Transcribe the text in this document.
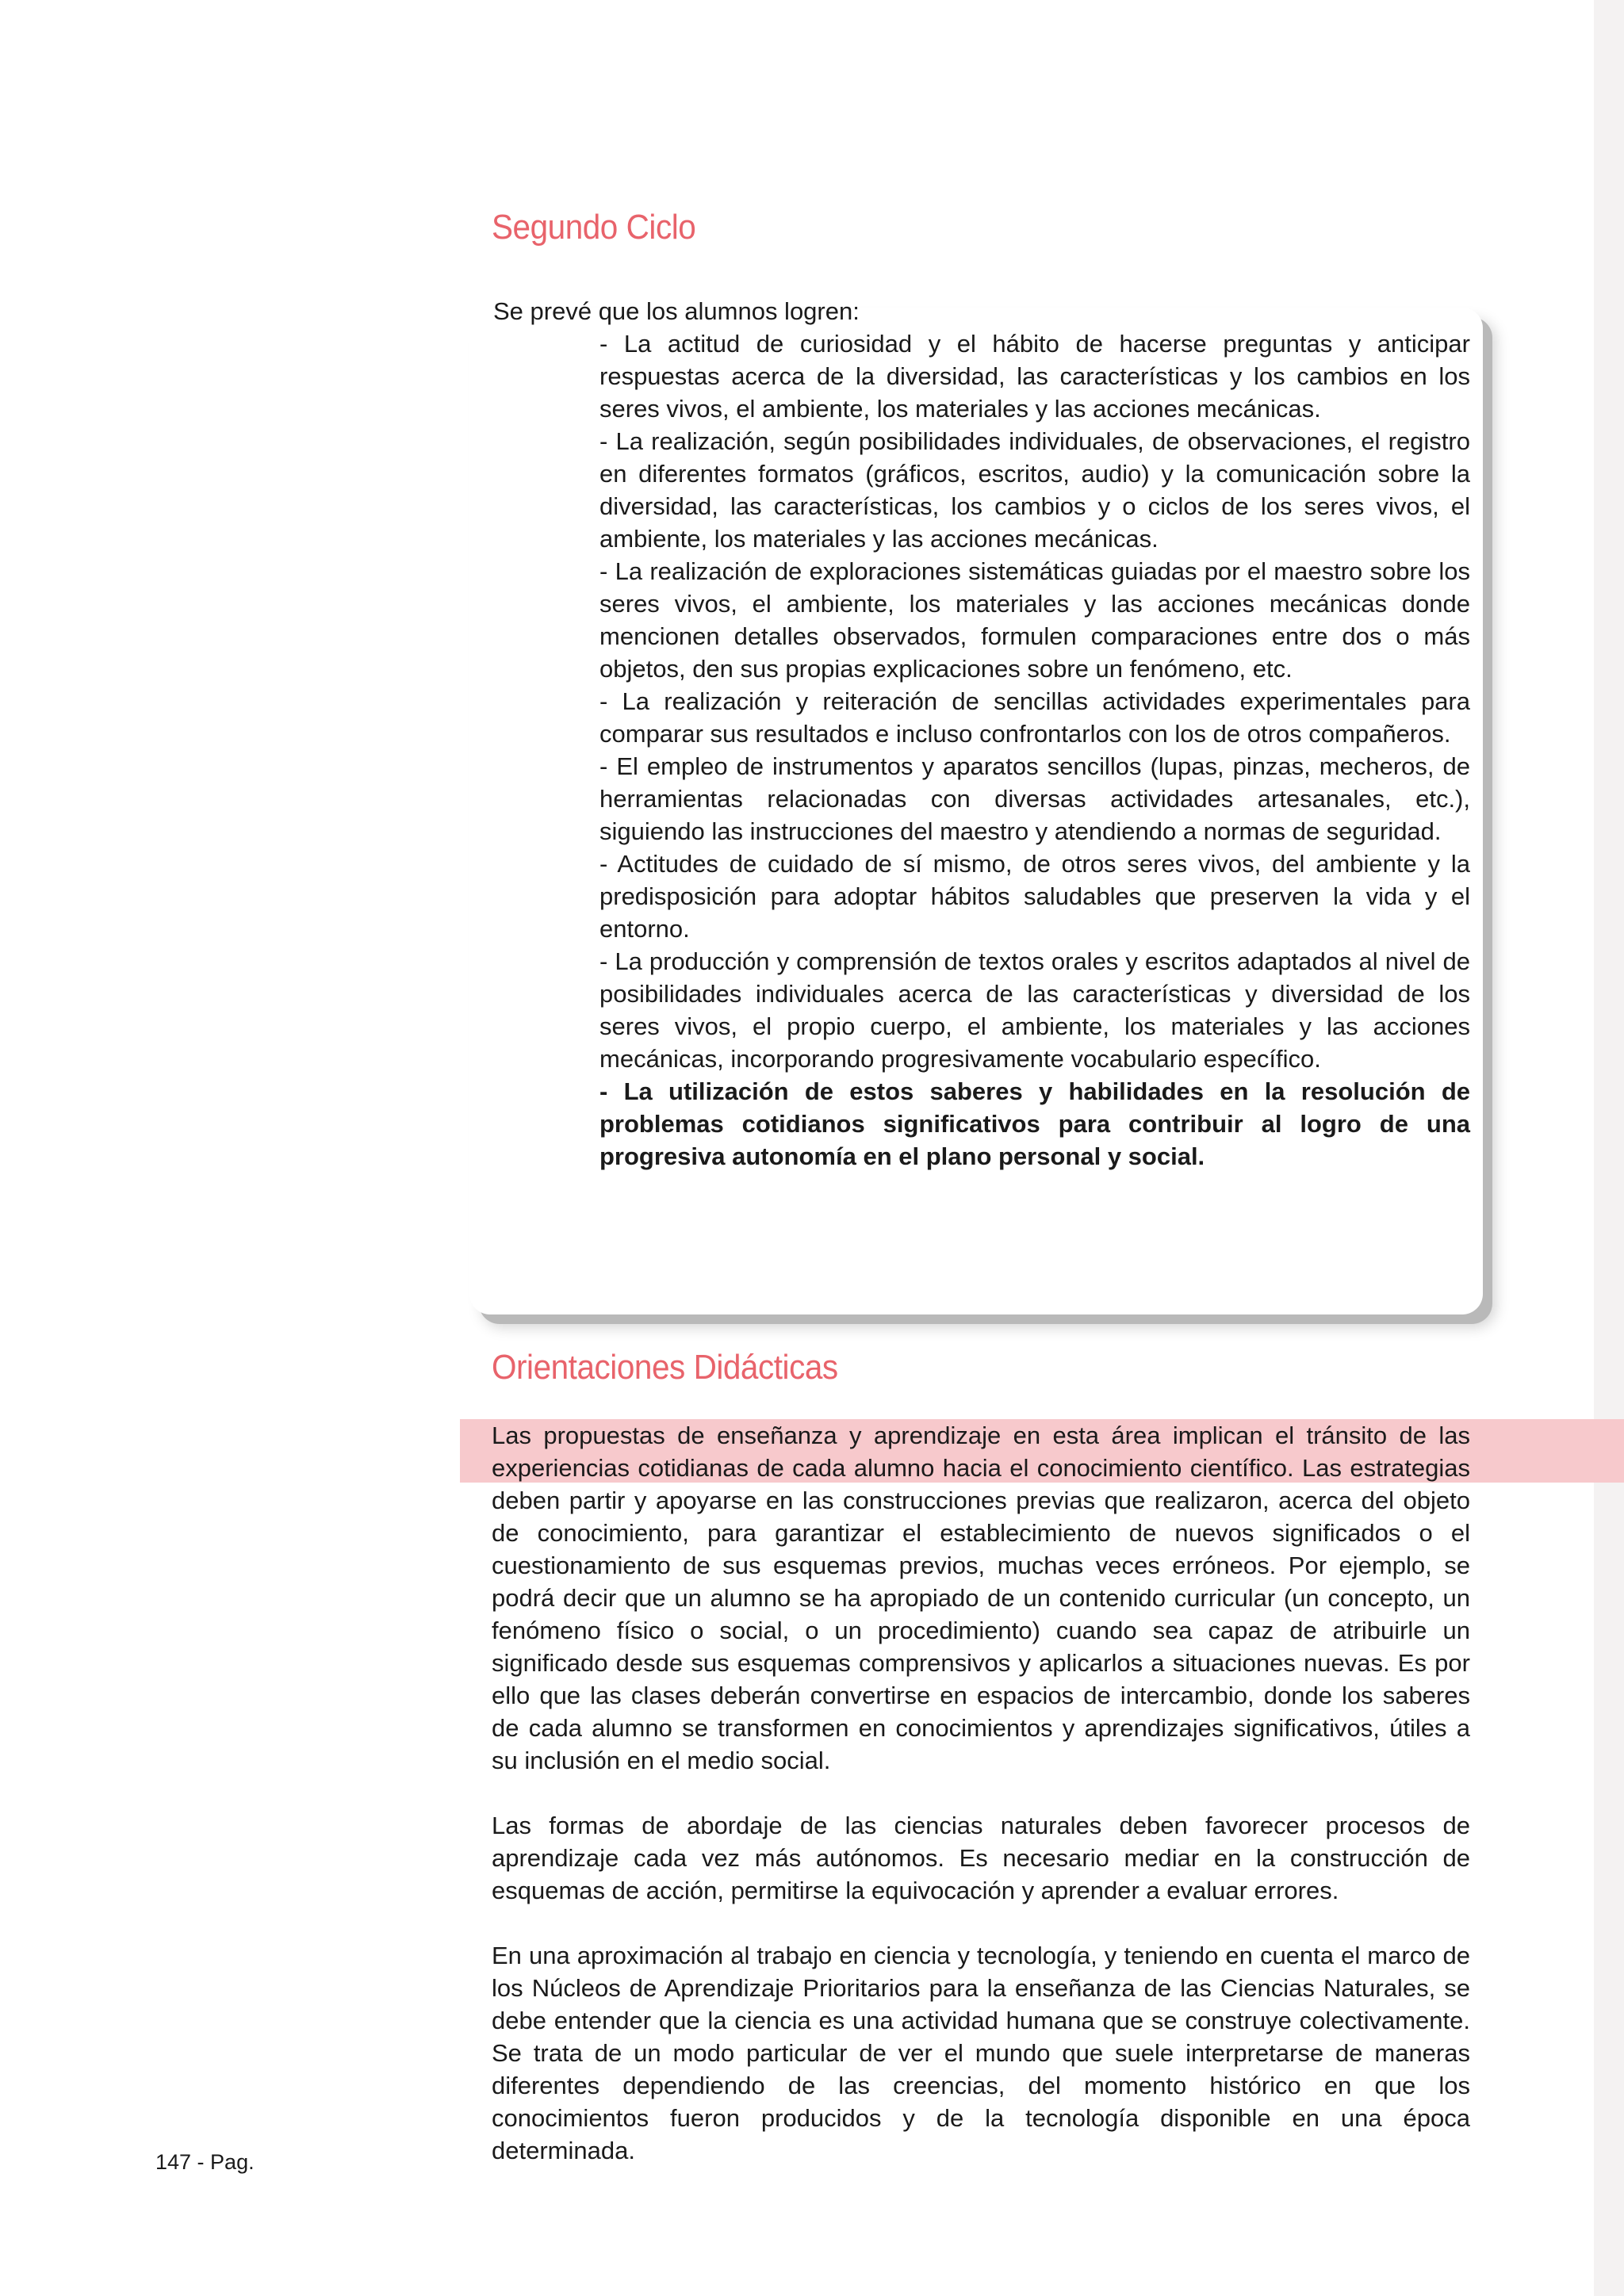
Segundo Ciclo
Se prevé que los alumnos logren:

- La actitud de curiosidad y el hábito de hacerse preguntas y anticipar respuestas acerca de la diversidad, las características y los cambios en los seres vivos, el ambiente, los materiales y las acciones mecánicas.

- La realización, según posibilidades individuales, de observaciones, el registro en diferentes formatos (gráficos, escritos, audio) y la comunicación sobre la diversidad, las características, los cambios y o ciclos de los seres vivos, el ambiente, los materiales y las acciones mecánicas.

- La realización de exploraciones sistemáticas guiadas por el maestro sobre los seres vivos, el ambiente, los materiales y las acciones mecánicas donde mencionen detalles observados, formulen comparaciones entre dos o más objetos, den sus propias explicaciones sobre un fenómeno, etc.

- La realización y reiteración de sencillas actividades experimentales para comparar sus resultados e incluso confrontarlos con los de otros compañeros.

- El empleo de instrumentos y aparatos sencillos (lupas, pinzas, mecheros, de herramientas relacionadas con diversas actividades artesanales, etc.), siguiendo las instrucciones del maestro y atendiendo a normas de seguridad.

- Actitudes de cuidado de sí mismo, de otros seres vivos, del ambiente y la predisposición para adoptar hábitos saludables que preserven la vida y el entorno.

- La producción y comprensión de textos orales y escritos adaptados al nivel de posibilidades individuales acerca de las características y diversidad de los seres vivos, el propio cuerpo, el ambiente, los materiales y las acciones mecánicas, incorporando progresivamente vocabulario específico.

- La utilización de estos saberes y habilidades en la resolución de problemas cotidianos significativos para contribuir al logro de una progresiva autonomía en el plano personal y social.

Orientaciones Didácticas

Las propuestas de enseñanza y aprendizaje en esta área implican el tránsito de las experiencias cotidianas de cada alumno hacia el conocimiento científico. Las estrategias deben partir y apoyarse en las construcciones previas que realizaron, acerca del objeto de conocimiento, para garantizar el establecimiento de nuevos significados o el cuestionamiento de sus esquemas previos, muchas veces erróneos. Por ejemplo, se podrá decir que un alumno se ha apropiado de un contenido curricular (un concepto, un fenómeno físico o social, o un procedimiento) cuando sea capaz de atribuirle un significado desde sus esquemas comprensivos y aplicarlos a situaciones nuevas. Es por ello que las clases deberán convertirse en espacios de intercambio, donde los saberes de cada alumno se transformen en conocimientos y aprendizajes significativos, útiles a su inclusión en el medio social.

Las formas de abordaje de las ciencias naturales deben favorecer procesos de aprendizaje cada vez más autónomos. Es necesario mediar en la construcción de esquemas de acción, permitirse la equivocación y aprender a evaluar errores.

En una aproximación al trabajo en ciencia y tecnología, y teniendo en cuenta el marco de los Núcleos de Aprendizaje Prioritarios para la enseñanza de las Ciencias Naturales, se debe entender que la ciencia es una actividad humana que se construye colectivamente. Se trata de un modo particular de ver el mundo que suele interpretarse de maneras diferentes dependiendo de las creencias, del momento histórico en que los conocimientos fueron producidos y de la tecnología disponible en una época determinada.

147 - Pag.
